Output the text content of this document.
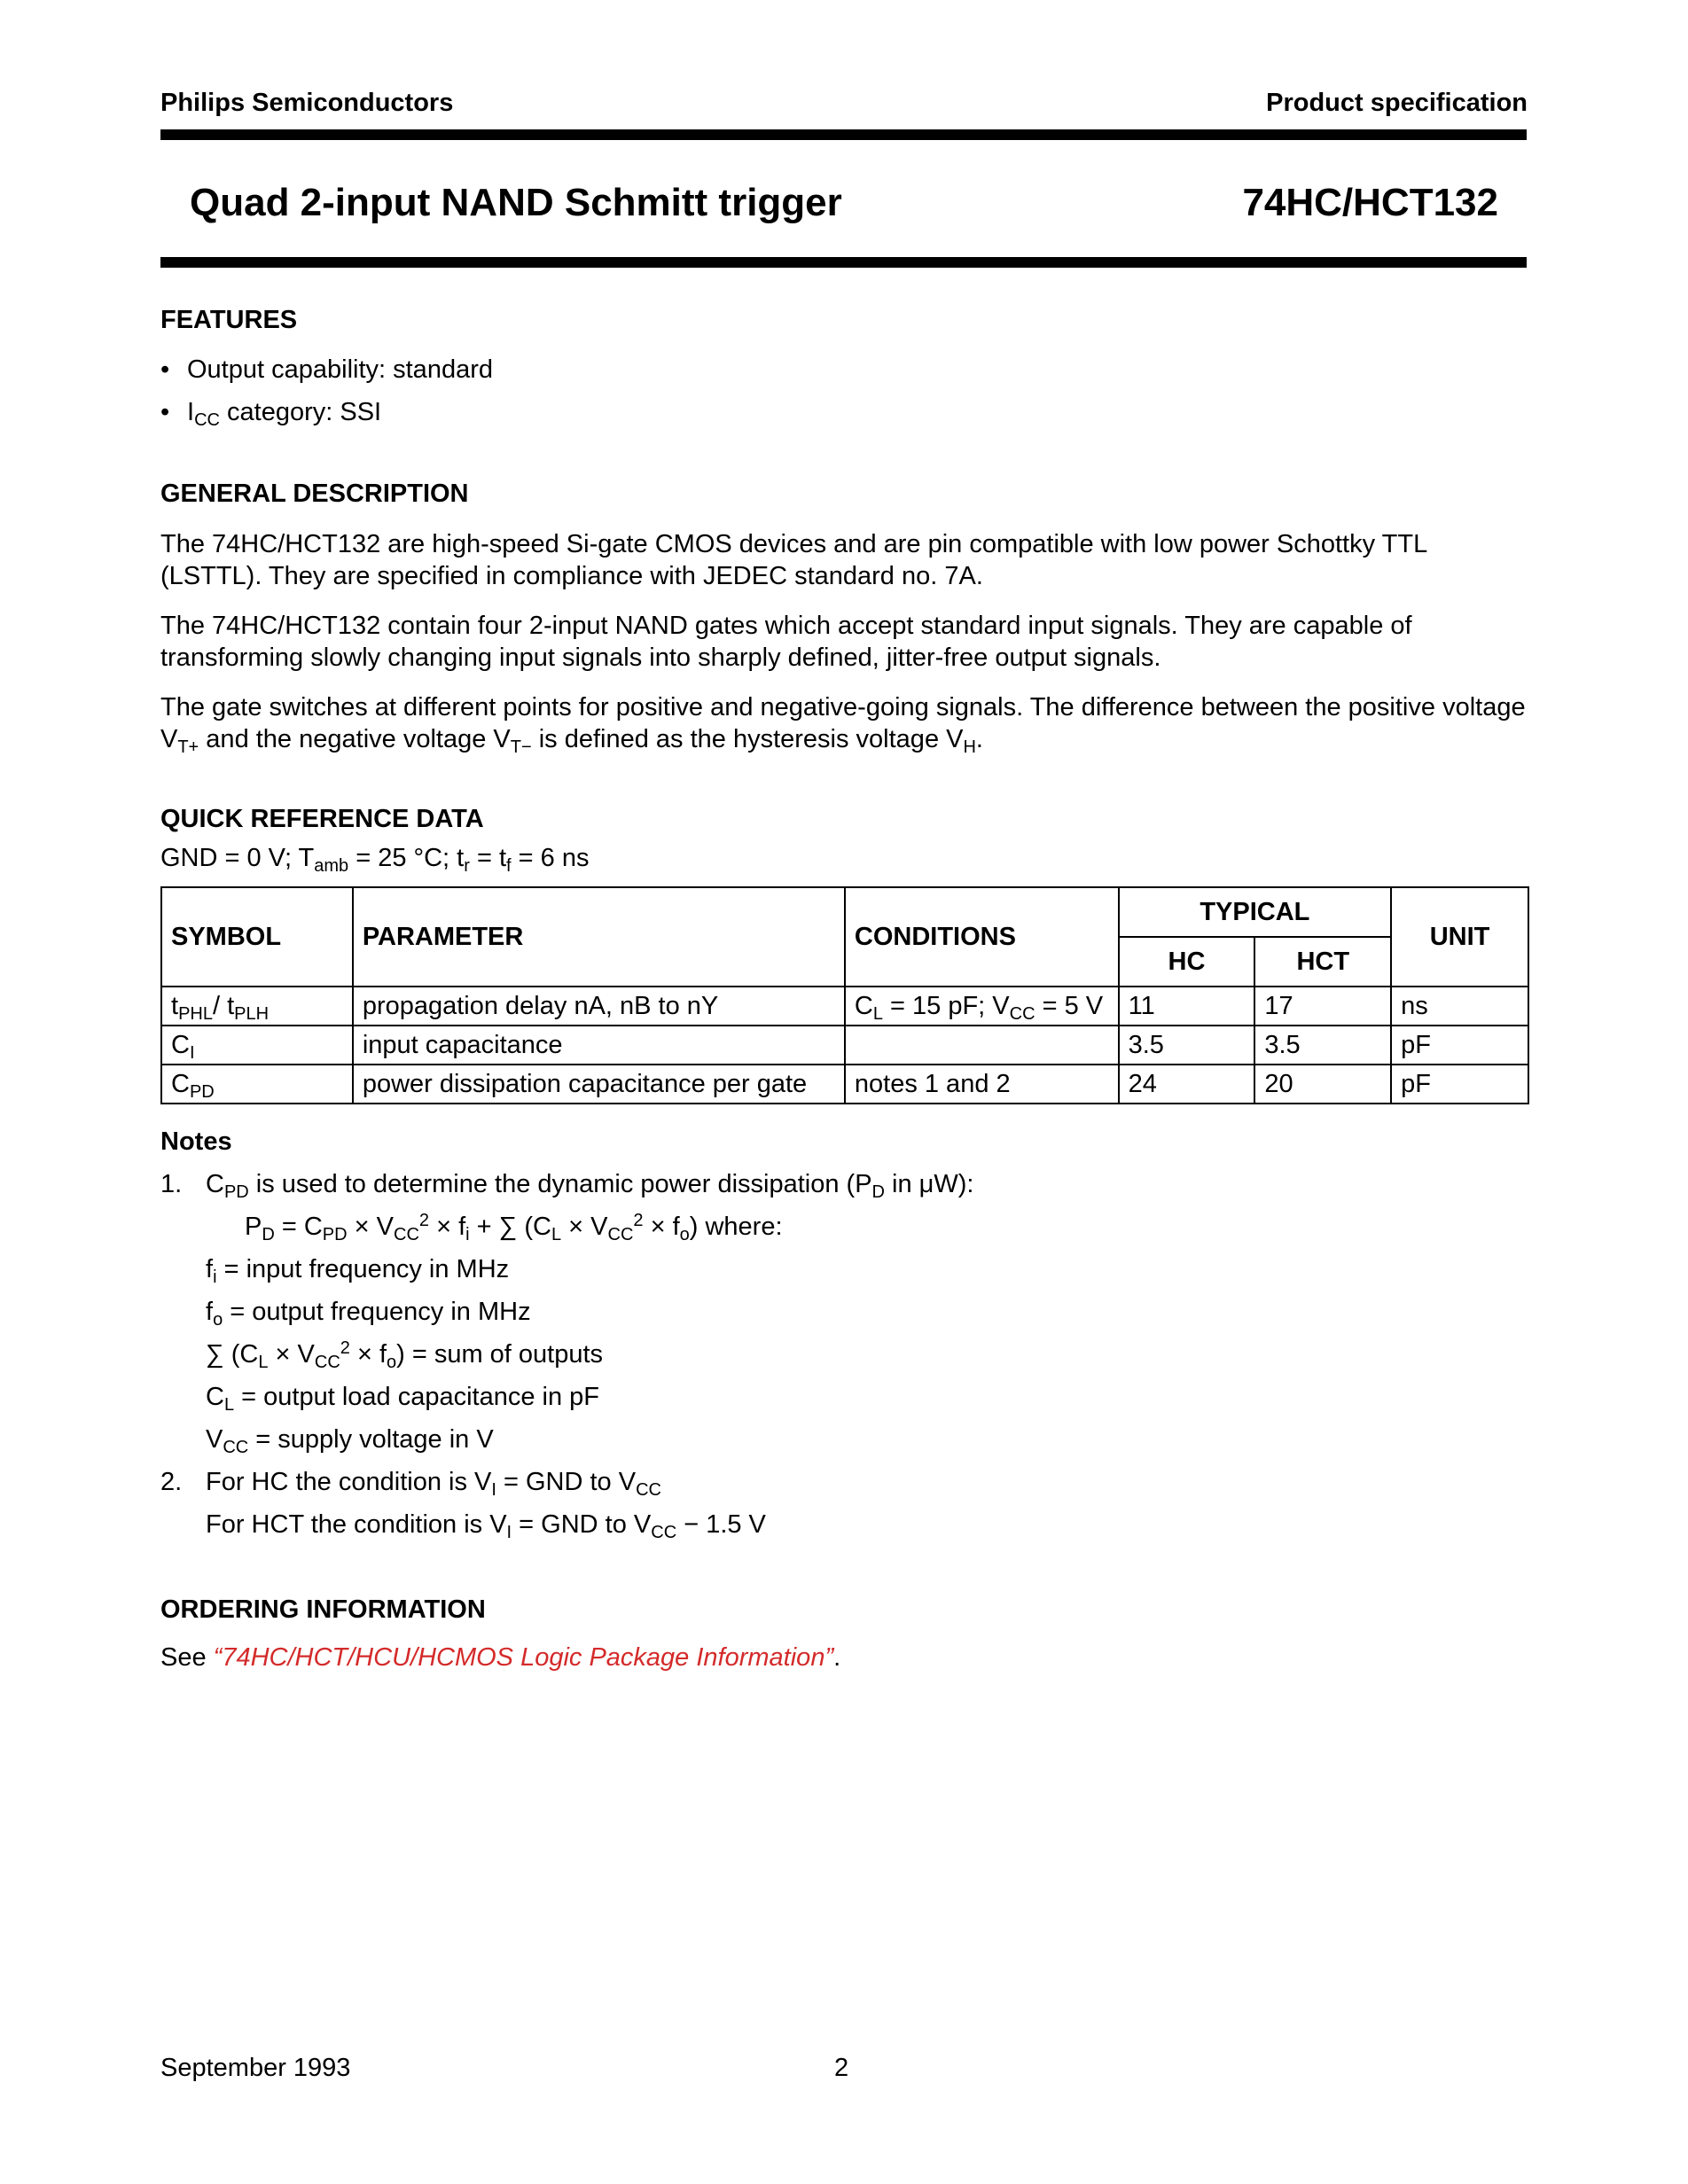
Philips Semiconductors	Product specification
Quad 2-input NAND Schmitt trigger	74HC/HCT132
FEATURES
• Output capability: standard
• $I_{CC}$ category: SSI
GENERAL DESCRIPTION
The 74HC/HCT132 are high-speed Si-gate CMOS devices and are pin compatible with low power Schottky TTL (LSTTL). They are specified in compliance with JEDEC standard no. 7A.
The 74HC/HCT132 contain four 2-input NAND gates which accept standard input signals. They are capable of transforming slowly changing input signals into sharply defined, jitter-free output signals.
The gate switches at different points for positive and negative-going signals. The difference between the positive voltage $V_{T+}$ and the negative voltage $V_{T-}$ is defined as the hysteresis voltage $V_H$.
QUICK REFERENCE DATA
GND = 0 V; $T_{amb} = 25$ °C; $t_r = t_f = 6$ ns
SYMBOL	PARAMETER	CONDITIONS	TYPICAL	UNIT
HC	HCT
$t_{PHL}/$ $t_{PLH}$	propagation delay nA, nB to nY	$C_L = 15$ pF; $V_{CC} = 5$ V	11	17	ns
$C_I$	input capacitance		3.5	3.5	pF
$C_{PD}$	power dissipation capacitance per gate	notes 1 and 2	24	20	pF
Notes
1. $C_{PD}$ is used to determine the dynamic power dissipation ($P_D$ in μW):
$P_D = C_{PD} \times V_{CC}^2 \times f_i$ + ∑ $(C_L \times V_{CC}^2 \times f_o)$ where:
$f_i$ = input frequency in MHz
$f_o$ = output frequency in MHz
∑ $(C_L \times V_{CC}^2 \times f_o)$ = sum of outputs
$C_L$ = output load capacitance in pF
$V_{CC}$ = supply voltage in V
2. For HC the condition is $V_I$ = GND to $V_{CC}$
For HCT the condition is $V_I$ = GND to $V_{CC} - 1.5$ V
ORDERING INFORMATION
See “74HC/HCT/HCU/HCMOS Logic Package Information”.
September 1993	2
